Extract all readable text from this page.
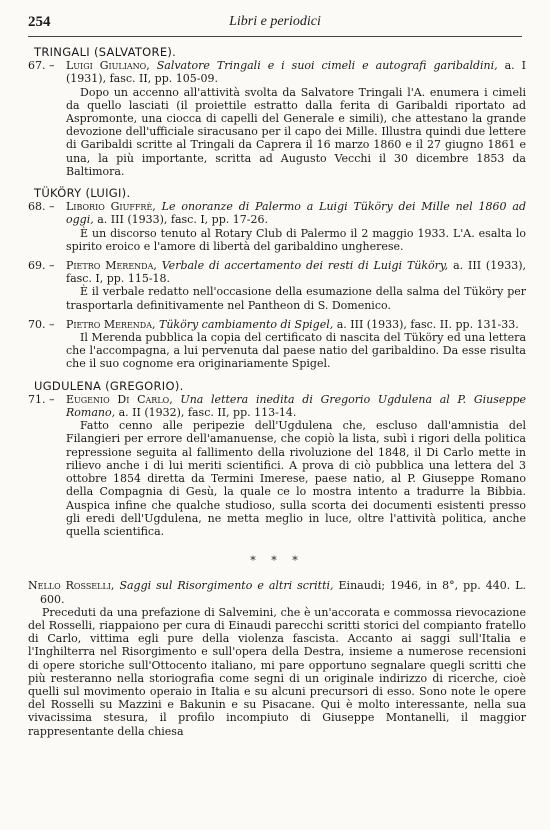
254	Libri e periodici
TRINGALI (SALVATORE).

67. – Luigi Giuliano, Salvatore Tringali e i suoi cimeli e autografi garibaldini, a. I (1931), fasc. II, pp. 105-09.

Dopo un accenno all'attività svolta da Salvatore Tringali l'A. enumera i cimeli da quello lasciati (il proiettile estratto dalla ferita di Garibaldi riportato ad Aspromonte, una ciocca di capelli del Generale e simili), che attestano la grande devozione dell'ufficiale siracusano per il capo dei Mille. Illustra quindi due lettere di Garibaldi scritte al Tringali da Caprera il 16 marzo 1860 e il 27 giugno 1861 e una, la più importante, scritta ad Augusto Vecchi il 30 dicembre 1853 da Baltimora.

TÜKÖRY (LUIGI).

68. – Liborio Giuffrè, Le onoranze di Palermo a Luigi Tüköry dei Mille nel 1860 ad oggi, a. III (1933), fasc. I, pp. 17-26.

È un discorso tenuto al Rotary Club di Palermo il 2 maggio 1933. L'A. esalta lo spirito eroico e l'amore di libertà del garibaldino ungherese.

69. – Pietro Merenda, Verbale di accertamento dei resti di Luigi Tüköry, a. III (1933), fasc. I, pp. 115-18.

È il verbale redatto nell'occasione della esumazione della salma del Tüköry per trasportarla definitivamente nel Pantheon di S. Domenico.

70. – Pietro Merenda, Tüköry cambiamento di Spigel, a. III (1933), fasc. II. pp. 131-33.

Il Merenda pubblica la copia del certificato di nascita del Tüköry ed una lettera che l'accompagna, a lui pervenuta dal paese natio del garibaldino. Da esse risulta che il suo cognome era originariamente Spigel.

UGDULENA (GREGORIO).

71. – Eugenio Di Carlo, Una lettera inedita di Gregorio Ugdulena al P. Giuseppe Romano, a. II (1932), fasc. II, pp. 113-14.

Fatto cenno alle peripezie dell'Ugdulena che, escluso dall'amnistia del Filangieri per errore dell'amanuense, che copiò la lista, subì i rigori della politica repressione seguita al fallimento della rivoluzione del 1848, il Di Carlo mette in rilievo anche i di lui meriti scientifici. A prova di ciò pubblica una lettera del 3 ottobre 1854 diretta da Termini Imerese, paese natio, al P. Giuseppe Romano della Compagnia di Gesù, la quale ce lo mostra intento a tradurre la Bibbia. Auspica infine che qualche studioso, sulla scorta dei documenti esistenti presso gli eredi dell'Ugdulena, ne metta meglio in luce, oltre l'attività politica, anche quella scientifica.

* * *

Nello Rosselli, Saggi sul Risorgimento e altri scritti, Einaudi; 1946, in 8°, pp. 440. L. 600.

Preceduti da una prefazione di Salvemini, che è un'accorata e commossa rievocazione del Rosselli, riappaiono per cura di Einaudi parecchi scritti storici del compianto fratello di Carlo, vittima egli pure della violenza fascista. Accanto ai saggi sull'Italia e l'Inghilterra nel Risorgimento e sull'opera della Destra, insieme a numerose recensioni di opere storiche sull'Ottocento italiano, mi pare opportuno segnalare quegli scritti che più resteranno nella storiografia come segni di un originale indirizzo di ricerche, cioè quelli sul movimento operaio in Italia e su alcuni precursori di esso. Sono note le opere del Rosselli su Mazzini e Bakunin e su Pisacane. Qui è molto interessante, nella sua vivacissima stesura, il profilo incompiuto di Giuseppe Montanelli, il maggior rappresentante della chiesa
